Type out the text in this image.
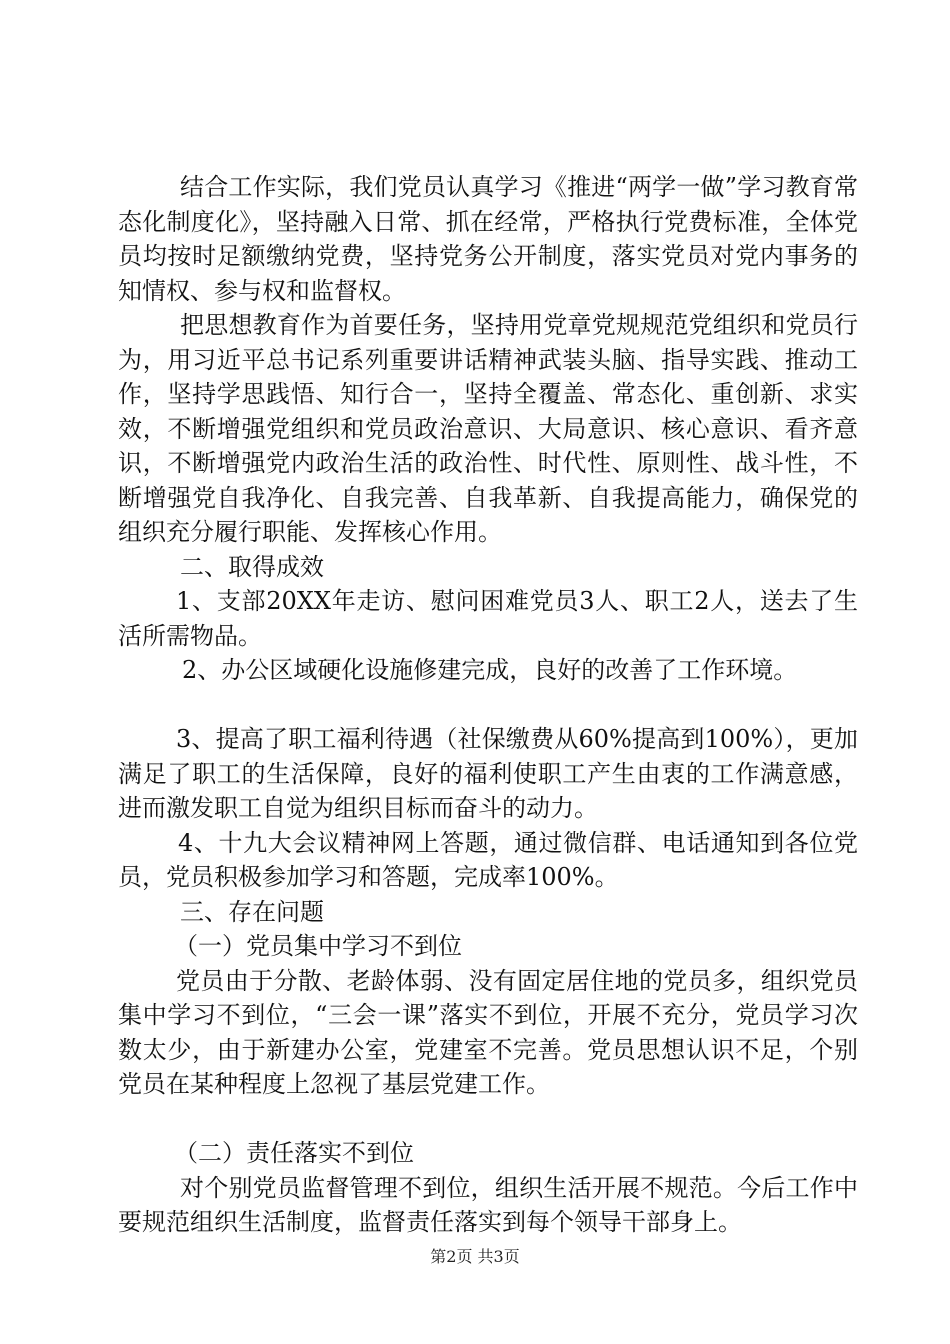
结合工作实际，我们党员认真学习《推进“两学一做”学习教育常态化制度化》，坚持融入日常、抓在经常，严格执行党费标准，全体党员均按时足额缴纳党费，坚持党务公开制度，落实党员对党内事务的知情权、参与权和监督权。

把思想教育作为首要任务，坚持用党章党规规范党组织和党员行为，用习近平总书记系列重要讲话精神武装头脑、指导实践、推动工作，坚持学思践悟、知行合一，坚持全覆盖、常态化、重创新、求实效，不断增强党组织和党员政治意识、大局意识、核心意识、看齐意识，不断增强党内政治生活的政治性、时代性、原则性、战斗性，不断增强党自我净化、自我完善、自我革新、自我提高能力，确保党的组织充分履行职能、发挥核心作用。

二、取得成效

1、支部20XX年走访、慰问困难党员3人、职工2人，送去了生活所需物品。

2、办公区域硬化设施修建完成，良好的改善了工作环境。

3、提高了职工福利待遇（社保缴费从60%提高到100%），更加满足了职工的生活保障，良好的福利使职工产生由衷的工作满意感，进而激发职工自觉为组织目标而奋斗的动力。

4、十九大会议精神网上答题，通过微信群、电话通知到各位党员，党员积极参加学习和答题，完成率100%。

三、存在问题

（一）党员集中学习不到位

党员由于分散、老龄体弱、没有固定居住地的党员多，组织党员集中学习不到位，“三会一课”落实不到位，开展不充分，党员学习次数太少，由于新建办公室，党建室不完善。党员思想认识不足，个别党员在某种程度上忽视了基层党建工作。

（二）责任落实不到位

对个别党员监督管理不到位，组织生活开展不规范。今后工作中要规范组织生活制度，监督责任落实到每个领导干部身上。

第2页 共3页
